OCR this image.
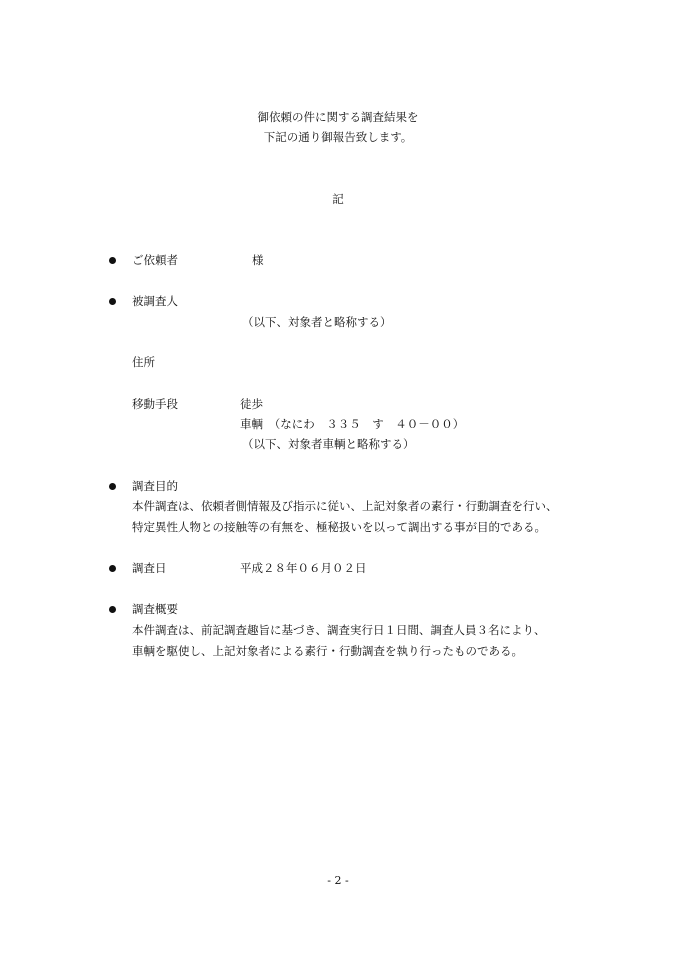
御依頼の件に関する調査結果を
下記の通り御報告致します。
記
ご依頼者	様
被調査人
（以下、対象者と略称する）
住所
移動手段	徒歩
車輌　（なにわ　３３５　す　４０－００）
（以下、対象者車輌と略称する）
調査目的
本件調査は、依頼者側情報及び指示に従い、上記対象者の素行・行動調査を行い、
特定異性人物との接触等の有無を、極秘扱いを以って調出する事が目的である。
調査日	平成２８年０６月０２日
調査概要
本件調査は、前記調査趣旨に基づき、調査実行日１日間、調査人員３名により、
車輌を駆使し、上記対象者による素行・行動調査を執り行ったものである。
- 2 -
